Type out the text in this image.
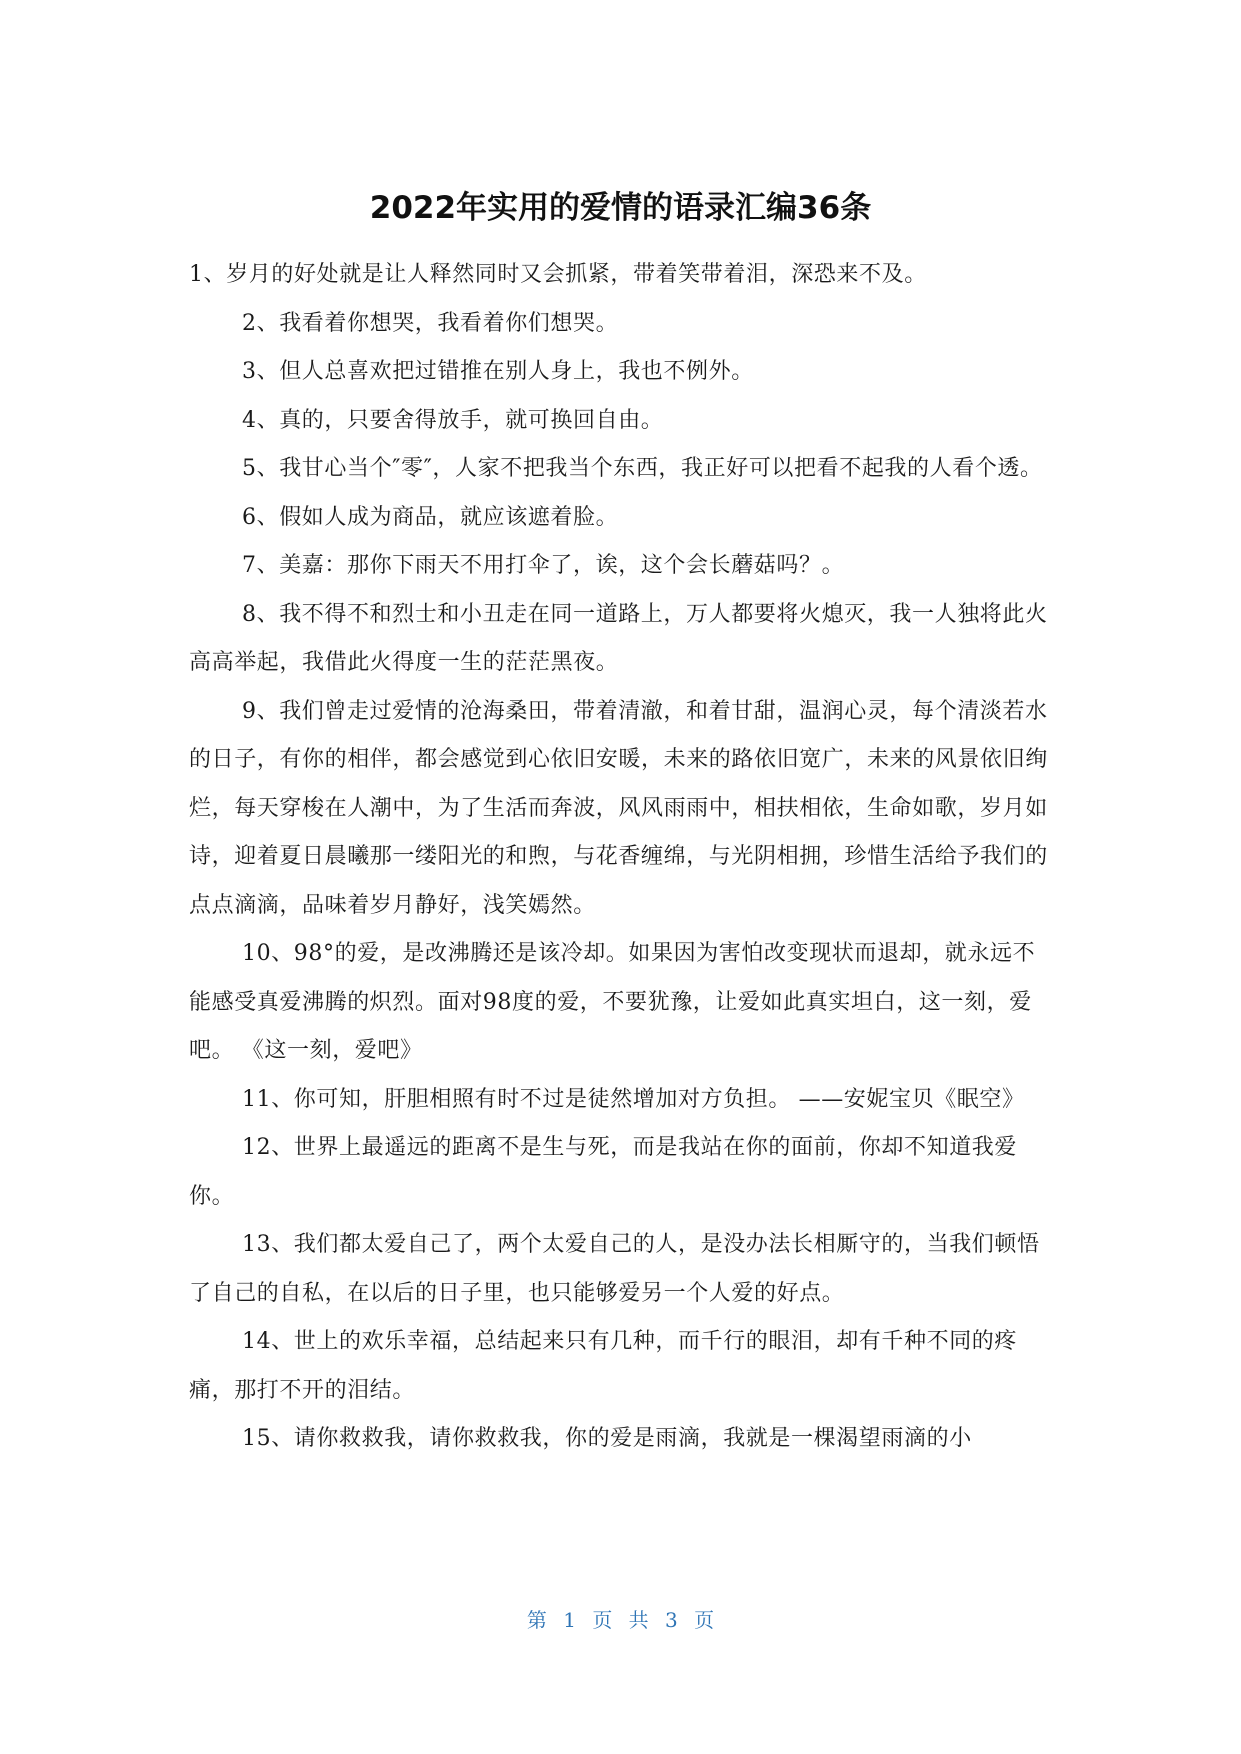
2022年实用的爱情的语录汇编36条

1、岁月的好处就是让人释然同时又会抓紧，带着笑带着泪，深恐来不及。

2、我看着你想哭，我看着你们想哭。

3、但人总喜欢把过错推在别人身上，我也不例外。

4、真的，只要舍得放手，就可换回自由。

5、我甘心当个″零″，人家不把我当个东西，我正好可以把看不起我的人看个透。

6、假如人成为商品，就应该遮着脸。

7、美嘉：那你下雨天不用打伞了，诶，这个会长蘑菇吗？。

8、我不得不和烈士和小丑走在同一道路上，万人都要将火熄灭，我一人独将此火高高举起，我借此火得度一生的茫茫黑夜。

9、我们曾走过爱情的沧海桑田，带着清澈，和着甘甜，温润心灵，每个清淡若水的日子，有你的相伴，都会感觉到心依旧安暖，未来的路依旧宽广，未来的风景依旧绚烂，每天穿梭在人潮中，为了生活而奔波，风风雨雨中，相扶相依，生命如歌，岁月如诗，迎着夏日晨曦那一缕阳光的和煦，与花香缠绵，与光阴相拥，珍惜生活给予我们的点点滴滴，品味着岁月静好，浅笑嫣然。

10、98°的爱，是改沸腾还是该冷却。如果因为害怕改变现状而退却，就永远不能感受真爱沸腾的炽烈。面对98度的爱，不要犹豫，让爱如此真实坦白，这一刻，爱吧。 《这一刻，爱吧》

11、你可知，肝胆相照有时不过是徒然增加对方负担。 ——安妮宝贝《眠空》

12、世界上最遥远的距离不是生与死，而是我站在你的面前，你却不知道我爱你。

13、我们都太爱自己了，两个太爱自己的人，是没办法长相厮守的，当我们顿悟了自己的自私，在以后的日子里，也只能够爱另一个人爱的好点。

14、世上的欢乐幸福，总结起来只有几种，而千行的眼泪，却有千种不同的疼痛，那打不开的泪结。

15、请你救救我，请你救救我，你的爱是雨滴，我就是一棵渴望雨滴的小

第 1 页 共 3 页
